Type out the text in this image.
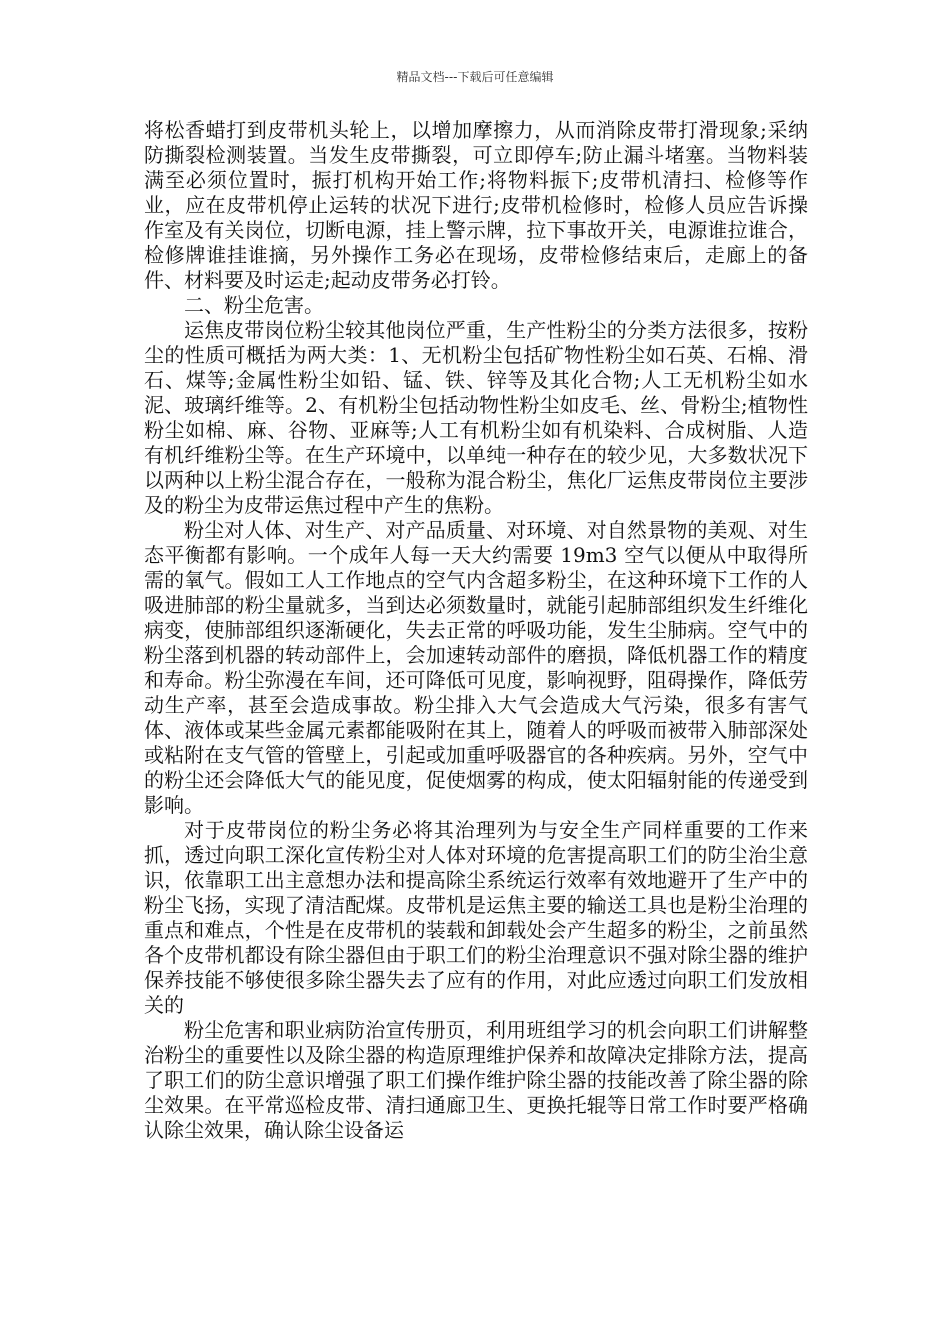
精品文档---下载后可任意编辑

将松香蜡打到皮带机头轮上，以增加摩擦力，从而消除皮带打滑现象;采纳防撕裂检测装置。当发生皮带撕裂，可立即停车;防止漏斗堵塞。当物料装满至必须位置时，振打机构开始工作;将物料振下;皮带机清扫、检修等作业，应在皮带机停止运转的状况下进行;皮带机检修时，检修人员应告诉操作室及有关岗位，切断电源，挂上警示牌，拉下事故开关，电源谁拉谁合，检修牌谁挂谁摘，另外操作工务必在现场，皮带检修结束后，走廊上的备件、材料要及时运走;起动皮带务必打铃。

二、粉尘危害。

运焦皮带岗位粉尘较其他岗位严重，生产性粉尘的分类方法很多，按粉尘的性质可概括为两大类：1、无机粉尘包括矿物性粉尘如石英、石棉、滑石、煤等;金属性粉尘如铅、锰、铁、锌等及其化合物;人工无机粉尘如水泥、玻璃纤维等。2、有机粉尘包括动物性粉尘如皮毛、丝、骨粉尘;植物性粉尘如棉、麻、谷物、亚麻等;人工有机粉尘如有机染料、合成树脂、人造有机纤维粉尘等。在生产环境中，以单纯一种存在的较少见，大多数状况下以两种以上粉尘混合存在，一般称为混合粉尘，焦化厂运焦皮带岗位主要涉及的粉尘为皮带运焦过程中产生的焦粉。

粉尘对人体、对生产、对产品质量、对环境、对自然景物的美观、对生态平衡都有影响。一个成年人每一天大约需要 19m3 空气以便从中取得所需的氧气。假如工人工作地点的空气内含超多粉尘，在这种环境下工作的人吸进肺部的粉尘量就多，当到达必须数量时，就能引起肺部组织发生纤维化病变，使肺部组织逐渐硬化，失去正常的呼吸功能，发生尘肺病。空气中的粉尘落到机器的转动部件上，会加速转动部件的磨损，降低机器工作的精度和寿命。粉尘弥漫在车间，还可降低可见度，影响视野，阻碍操作，降低劳动生产率，甚至会造成事故。粉尘排入大气会造成大气污染，很多有害气体、液体或某些金属元素都能吸附在其上，随着人的呼吸而被带入肺部深处或粘附在支气管的管壁上，引起或加重呼吸器官的各种疾病。另外，空气中的粉尘还会降低大气的能见度，促使烟雾的构成，使太阳辐射能的传递受到影响。

对于皮带岗位的粉尘务必将其治理列为与安全生产同样重要的工作来抓，透过向职工深化宣传粉尘对人体对环境的危害提高职工们的防尘治尘意识，依靠职工出主意想办法和提高除尘系统运行效率有效地避开了生产中的粉尘飞扬，实现了清洁配煤。皮带机是运焦主要的输送工具也是粉尘治理的重点和难点，个性是在皮带机的装载和卸载处会产生超多的粉尘，之前虽然各个皮带机都设有除尘器但由于职工们的粉尘治理意识不强对除尘器的维护保养技能不够使很多除尘器失去了应有的作用，对此应透过向职工们发放相关的

粉尘危害和职业病防治宣传册页，利用班组学习的机会向职工们讲解整治粉尘的重要性以及除尘器的构造原理维护保养和故障决定排除方法，提高了职工们的防尘意识增强了职工们操作维护除尘器的技能改善了除尘器的除尘效果。在平常巡检皮带、清扫通廊卫生、更换托辊等日常工作时要严格确认除尘效果，确认除尘设备运
